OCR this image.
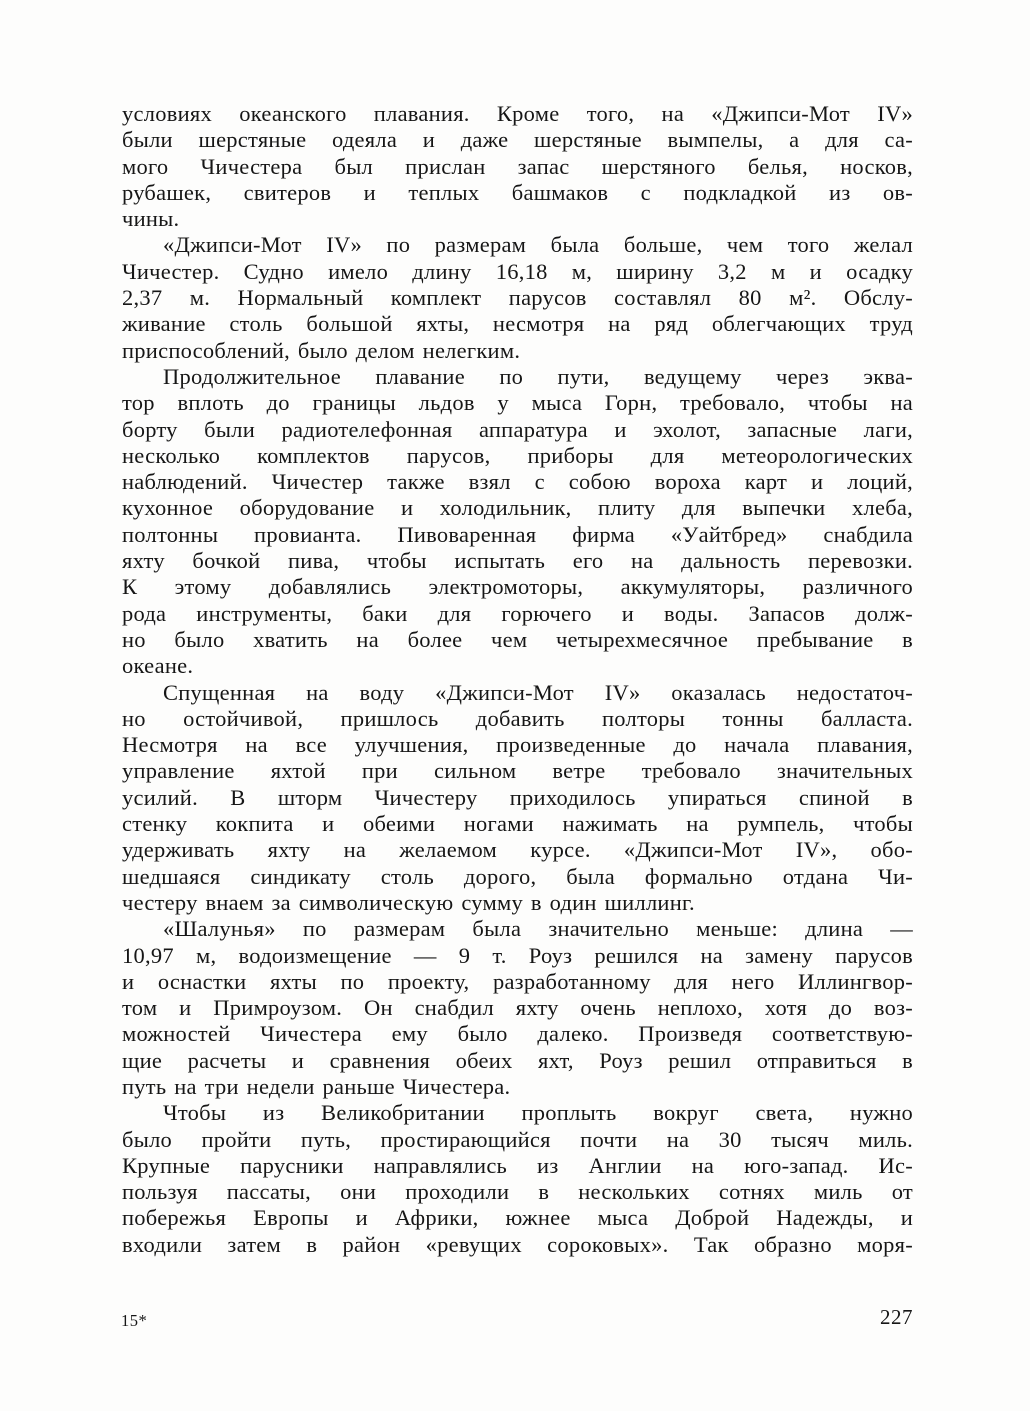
условиях океанского плавания. Кроме того, на «Джипси-Мот IV»
были шерстяные одеяла и даже шерстяные вымпелы, а для са-
мого Чичестера был прислан запас шерстяного белья, носков,
рубашек, свитеров и теплых башмаков с подкладкой из ов-
чины.
«Джипси-Мот IV» по размерам была больше, чем того желал
Чичестер. Судно имело длину 16,18 м, ширину 3,2 м и осадку
2,37 м. Нормальный комплект парусов составлял 80 м². Обслу-
живание столь большой яхты, несмотря на ряд облегчающих труд
приспособлений, было делом нелегким.
Продолжительное плавание по пути, ведущему через эква-
тор вплоть до границы льдов у мыса Горн, требовало, чтобы на
борту были радиотелефонная аппаратура и эхолот, запасные лаги,
несколько комплектов парусов, приборы для метеорологических
наблюдений. Чичестер также взял с собою вороха карт и лоций,
кухонное оборудование и холодильник, плиту для выпечки хлеба,
полтонны провианта. Пивоваренная фирма «Уайтбред» снабдила
яхту бочкой пива, чтобы испытать его на дальность перевозки.
К этому добавлялись электромоторы, аккумуляторы, различного
рода инструменты, баки для горючего и воды. Запасов долж-
но было хватить на более чем четырехмесячное пребывание в
океане.
Спущенная на воду «Джипси-Мот IV» оказалась недостаточ-
но остойчивой, пришлось добавить полторы тонны балласта.
Несмотря на все улучшения, произведенные до начала плавания,
управление яхтой при сильном ветре требовало значительных
усилий. В шторм Чичестеру приходилось упираться спиной в
стенку кокпита и обеими ногами нажимать на румпель, чтобы
удерживать яхту на желаемом курсе. «Джипси-Мот IV», обо-
шедшаяся синдикату столь дорого, была формально отдана Чи-
честеру внаем за символическую сумму в один шиллинг.
«Шалунья» по размерам была значительно меньше: длина —
10,97 м, водоизмещение — 9 т. Роуз решился на замену парусов
и оснастки яхты по проекту, разработанному для него Иллингвор-
том и Примроузом. Он снабдил яхту очень неплохо, хотя до воз-
можностей Чичестера ему было далеко. Произведя соответствую-
щие расчеты и сравнения обеих яхт, Роуз решил отправиться в
путь на три недели раньше Чичестера.
Чтобы из Великобритании проплыть вокруг света, нужно
было пройти путь, простирающийся почти на 30 тысяч миль.
Крупные парусники направлялись из Англии на юго-запад. Ис-
пользуя пассаты, они проходили в нескольких сотнях миль от
побережья Европы и Африки, южнее мыса Доброй Надежды, и
входили затем в район «ревущих сороковых». Так образно моря-
15*	227
